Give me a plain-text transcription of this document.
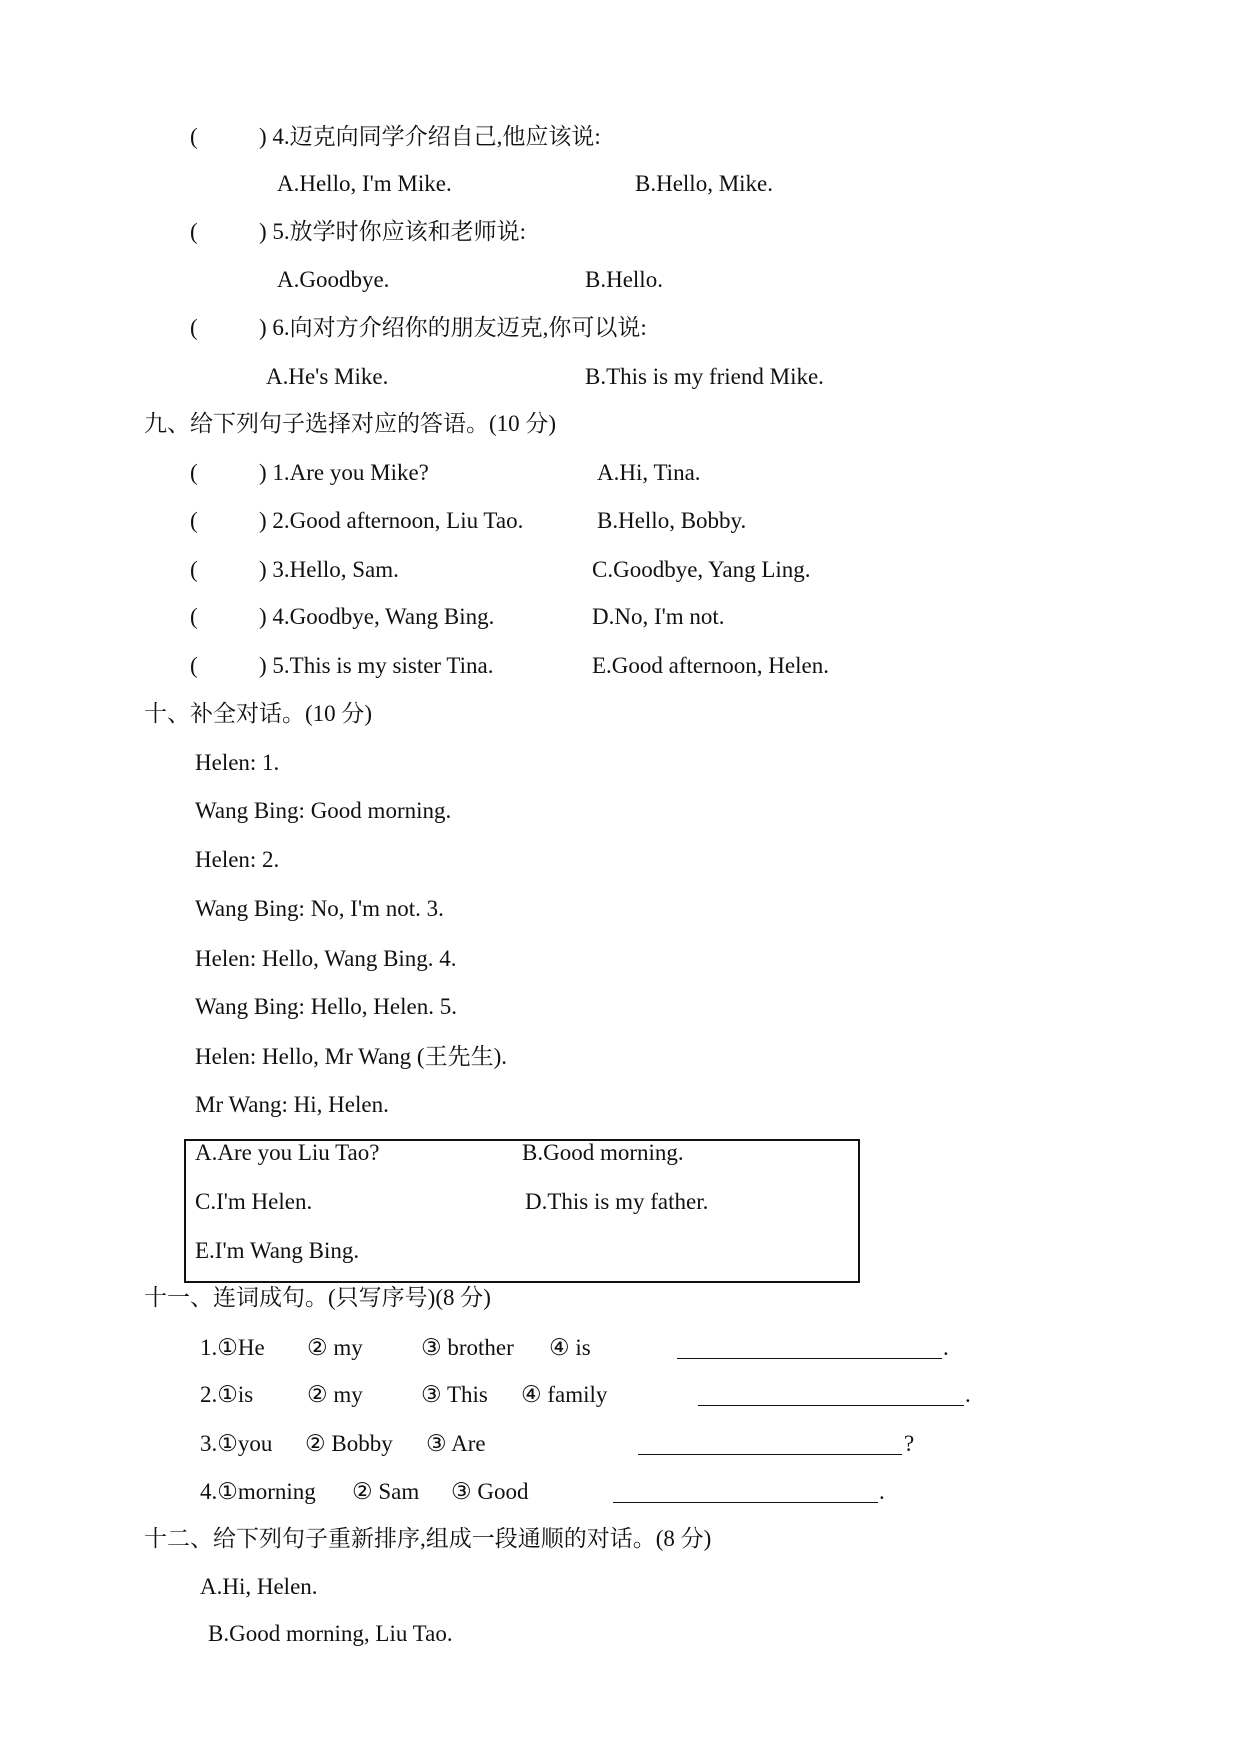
(	) 4.迈克向同学介绍自己,他应该说:
A.Hello, I'm Mike.	B.Hello, Mike.
(	) 5.放学时你应该和老师说:
A.Goodbye.	B.Hello.
(	) 6.向对方介绍你的朋友迈克,你可以说:
A.He's Mike.	B.This is my friend Mike.
九、给下列句子选择对应的答语。(10 分)
(	) 1.Are you Mike?	A.Hi, Tina.
(	) 2.Good afternoon, Liu Tao.	B.Hello, Bobby.
(	) 3.Hello, Sam.	C.Goodbye, Yang Ling.
(	) 4.Goodbye, Wang Bing.	D.No, I'm not.
(	) 5.This is my sister Tina.	E.Good afternoon, Helen.
十、补全对话。(10 分)
Helen: 1.
Wang Bing: Good morning.
Helen: 2.
Wang Bing: No, I'm not. 3.
Helen: Hello, Wang Bing. 4.
Wang Bing: Hello, Helen. 5.
Helen: Hello, Mr Wang (王先生).
Mr Wang: Hi, Helen.
A.Are you Liu Tao?	B.Good morning.
C.I'm Helen.	D.This is my father.
E.I'm Wang Bing.
十一、连词成句。(只写序号)(8 分)
1.①He ② my	③ brother ④ is	.
2.①is ② my	③ This ④ family	.
3.①you ② Bobby ③ Are	?
4.①morning ② Sam ③ Good	.
十二、给下列句子重新排序,组成一段通顺的对话。(8 分)
A.Hi, Helen.
B.Good morning, Liu Tao.
